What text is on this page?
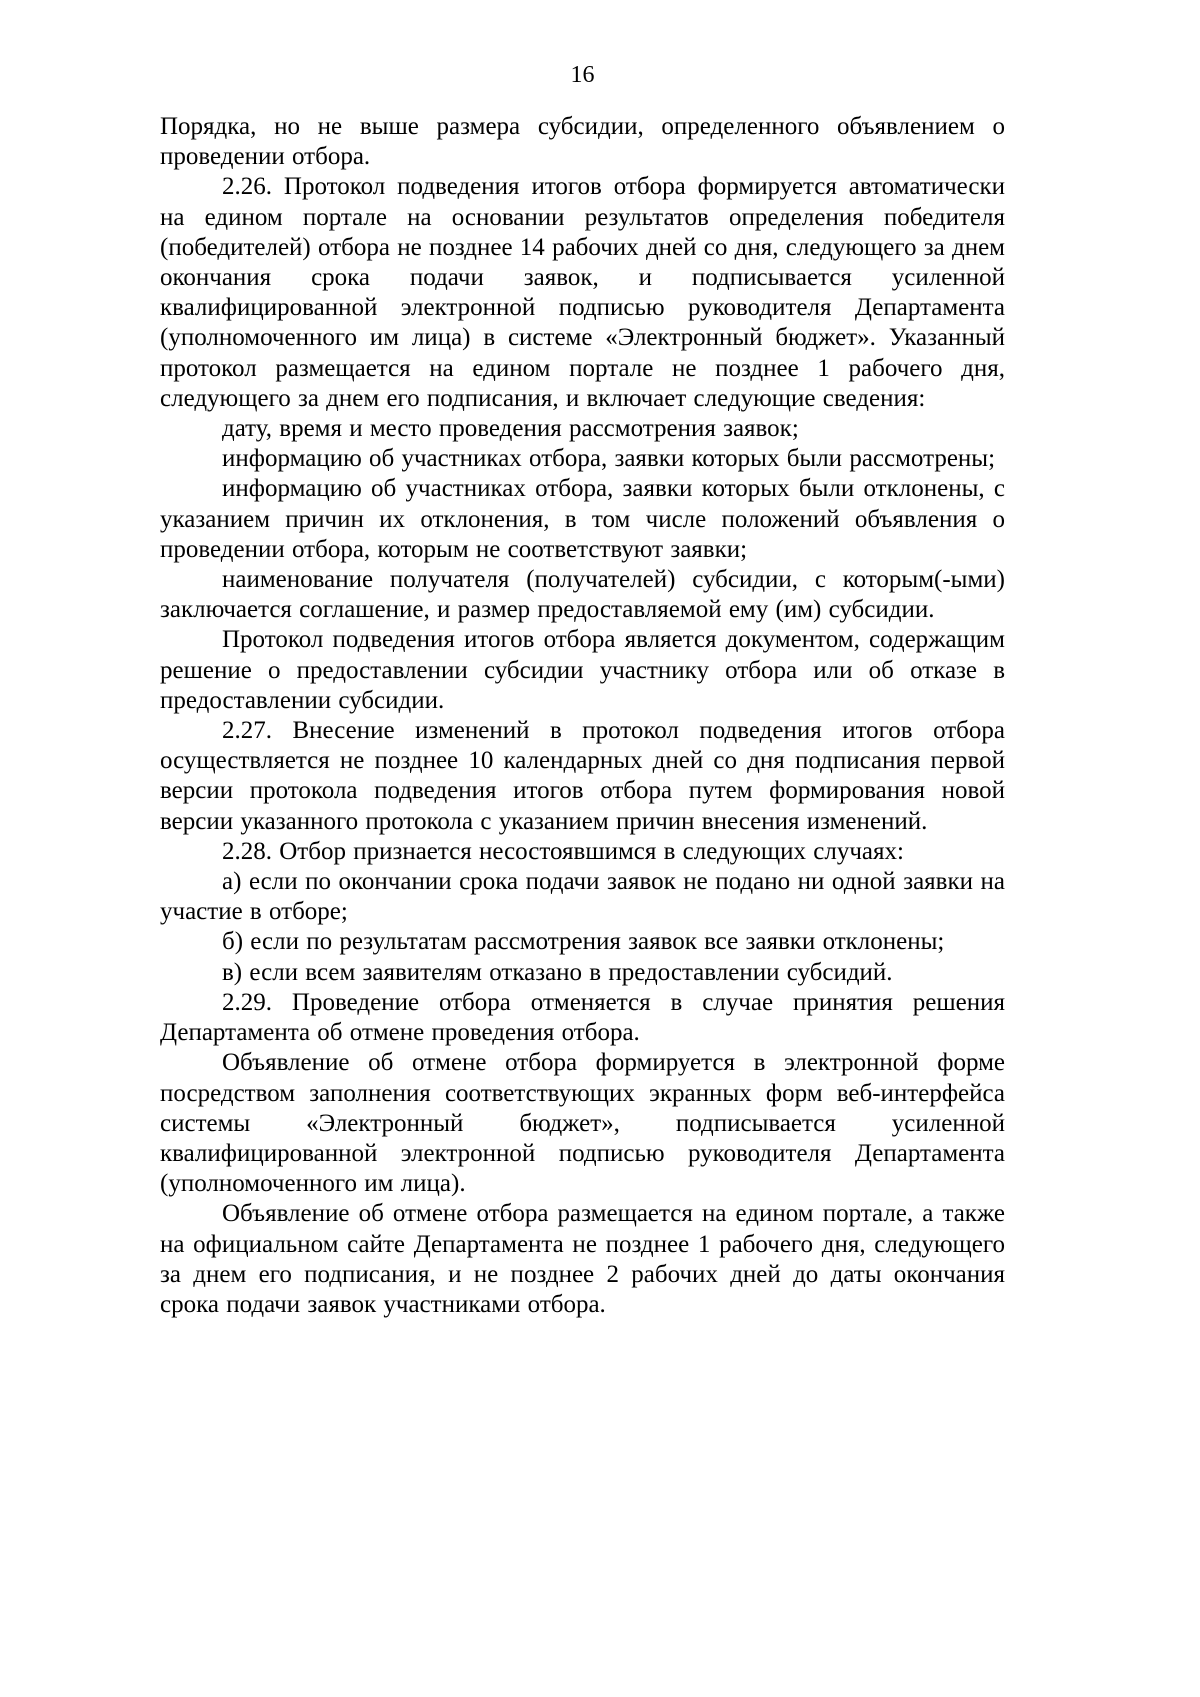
16

Порядка, но не выше размера субсидии, определенного объявлением о проведении отбора.

2.26. Протокол подведения итогов отбора формируется автоматически на едином портале на основании результатов определения победителя (победителей) отбора не позднее 14 рабочих дней со дня, следующего за днем окончания срока подачи заявок, и подписывается усиленной квалифицированной электронной подписью руководителя Департамента (уполномоченного им лица) в системе «Электронный бюджет». Указанный протокол размещается на едином портале не позднее 1 рабочего дня, следующего за днем его подписания, и включает следующие сведения:

дату, время и место проведения рассмотрения заявок;

информацию об участниках отбора, заявки которых были рассмотрены;

информацию об участниках отбора, заявки которых были отклонены, с указанием причин их отклонения, в том числе положений объявления о проведении отбора, которым не соответствуют заявки;

наименование получателя (получателей) субсидии, с которым(-ыми) заключается соглашение, и размер предоставляемой ему (им) субсидии.

Протокол подведения итогов отбора является документом, содержащим решение о предоставлении субсидии участнику отбора или об отказе в предоставлении субсидии.

2.27. Внесение изменений в протокол подведения итогов отбора осуществляется не позднее 10 календарных дней со дня подписания первой версии протокола подведения итогов отбора путем формирования новой версии указанного протокола с указанием причин внесения изменений.

2.28. Отбор признается несостоявшимся в следующих случаях:

а) если по окончании срока подачи заявок не подано ни одной заявки на участие в отборе;

б) если по результатам рассмотрения заявок все заявки отклонены;

в) если всем заявителям отказано в предоставлении субсидий.

2.29. Проведение отбора отменяется в случае принятия решения Департамента об отмене проведения отбора.

Объявление об отмене отбора формируется в электронной форме посредством заполнения соответствующих экранных форм веб-интерфейса системы «Электронный бюджет», подписывается усиленной квалифицированной электронной подписью руководителя Департамента (уполномоченного им лица).

Объявление об отмене отбора размещается на едином портале, а также на официальном сайте Департамента не позднее 1 рабочего дня, следующего за днем его подписания, и не позднее 2 рабочих дней до даты окончания срока подачи заявок участниками отбора.
